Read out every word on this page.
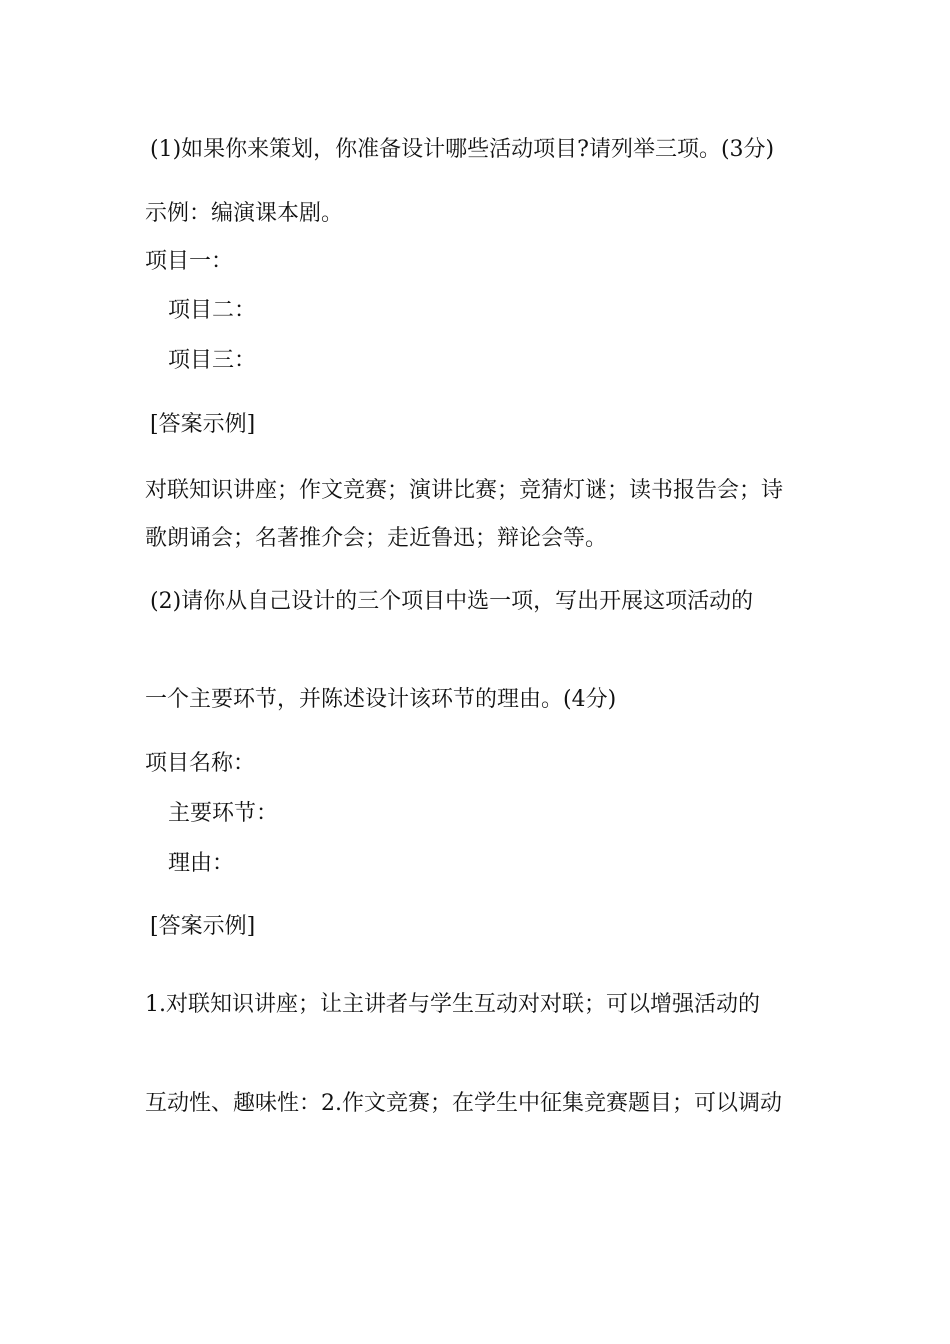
(1)如果你来策划，你准备设计哪些活动项目?请列举三项。(3分)
示例：编演课本剧。
项目一：
项目二：
项目三：
[答案示例]
对联知识讲座；作文竞赛；演讲比赛；竞猜灯谜；读书报告会；诗
歌朗诵会；名著推介会；走近鲁迅；辩论会等。
(2)请你从自己设计的三个项目中选一项，写出开展这项活动的
一个主要环节，并陈述设计该环节的理由。(4分)
项目名称：
主要环节：
理由：
[答案示例]
1.对联知识讲座；让主讲者与学生互动对对联；可以增强活动的
互动性、趣味性：2.作文竞赛；在学生中征集竞赛题目；可以调动
